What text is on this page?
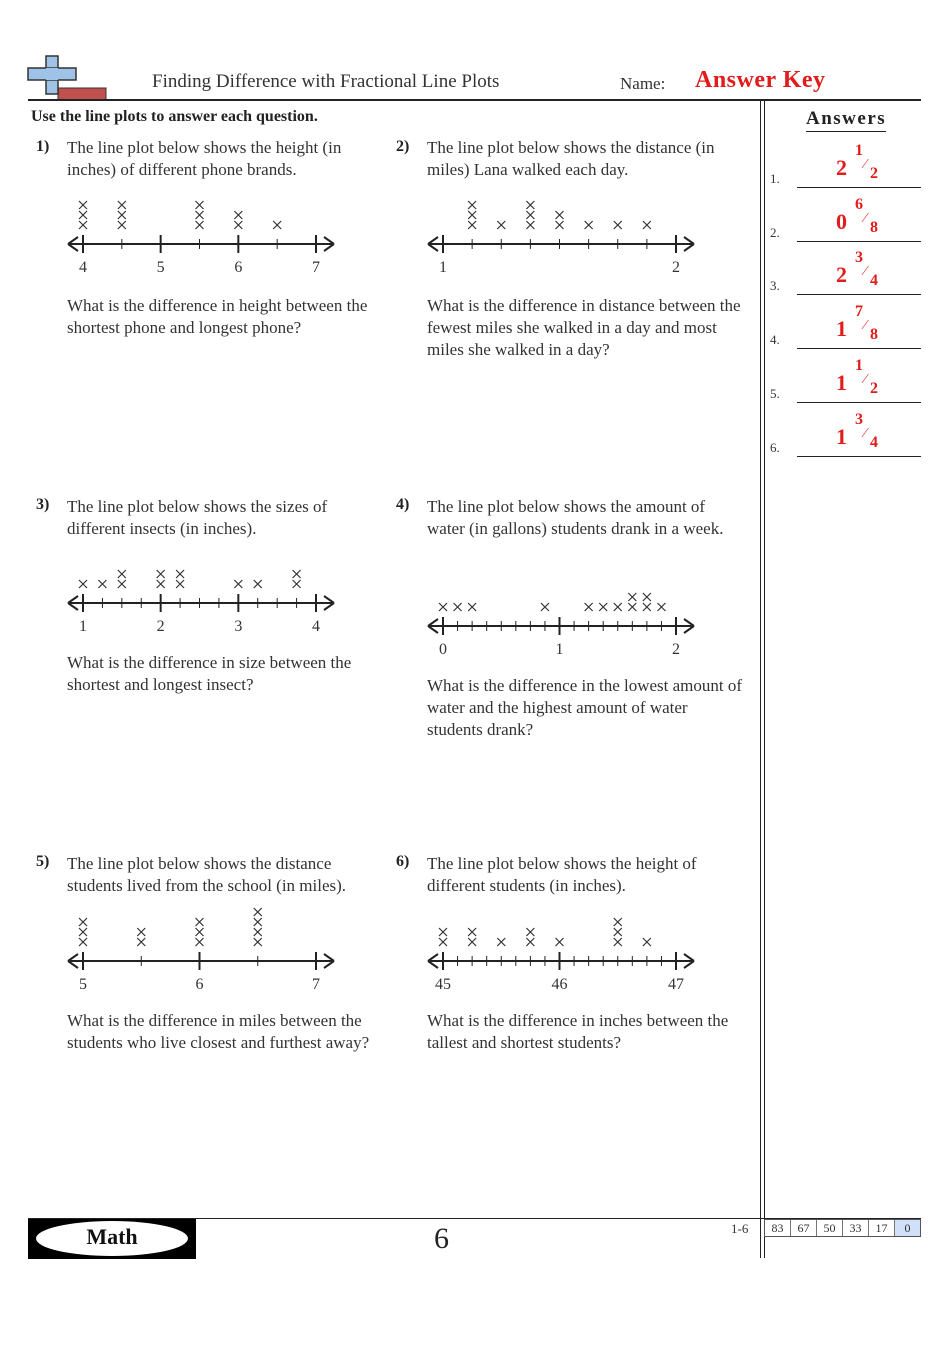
Finding Difference with Fractional Line Plots	Name: Answer Key
Use the line plots to answer each question.	Answers
1) The line plot below shows the height (in inches) of different phone brands.
4	5	6	7
What is the difference in height between the shortest phone and longest phone?
2) The line plot below shows the distance (in miles) Lana walked each day.
1	2
What is the difference in distance between the fewest miles she walked in a day and most miles she walked in a day?
3) The line plot below shows the sizes of different insects (in inches).
1	2	3	4
What is the difference in size between the shortest and longest insect?
4) The line plot below shows the amount of water (in gallons) students drank in a week.
0	1	2
What is the difference in the lowest amount of water and the highest amount of water students drank?
5) The line plot below shows the distance students lived from the school (in miles).
5	6	7
What is the difference in miles between the students who live closest and furthest away?
6) The line plot below shows the height of different students (in inches).
45	46	47
What is the difference in inches between the tallest and shortest students?
1.	2
1
⁄
2
2.	0
6
⁄
8
3.	2
3
⁄
4
4.	1
7
⁄
8
5.	1
1
⁄
2
6.	1
3
⁄
4
Math	6	1-6	83	67	50	33	17	0
